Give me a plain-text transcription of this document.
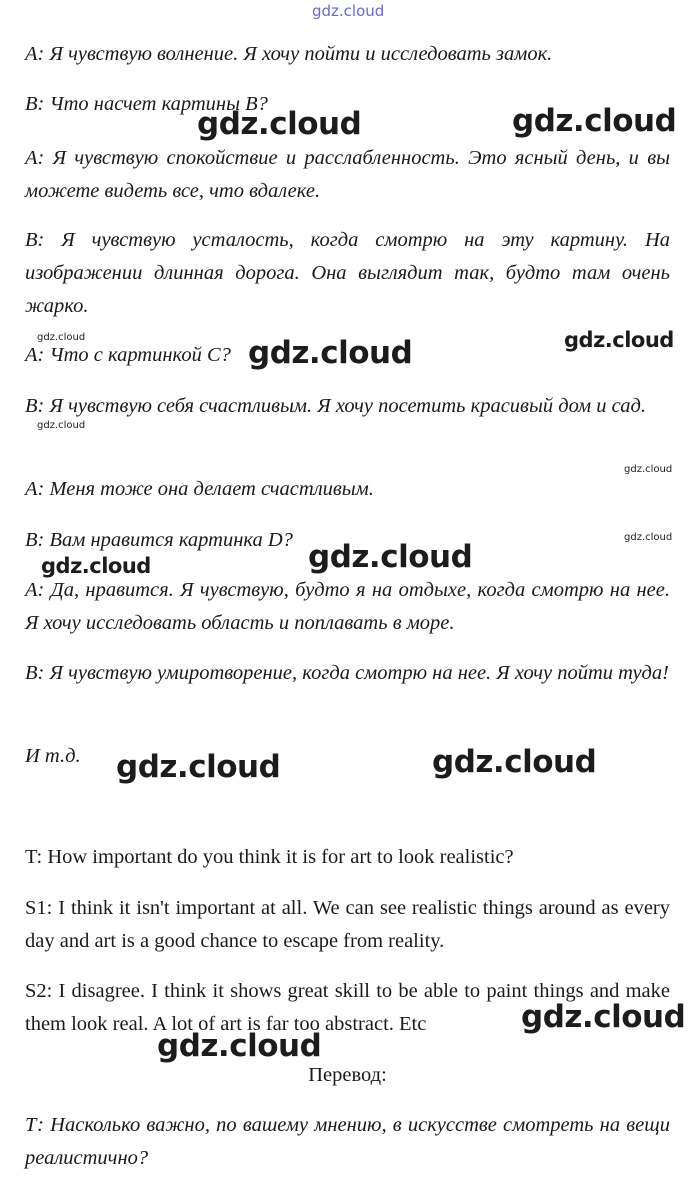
gdz.cloud

A: Я чувствую волнение. Я хочу пойти и исследовать замок.

В: Что насчет картины В?

А: Я чувствую спокойствие и расслабленность. Это ясный день, и вы можете видеть все, что вдалеке.

В: Я чувствую усталость, когда смотрю на эту картину. На изображении длинная дорога. Она выглядит так, будто там очень жарко.

А: Что с картинкой С?

В: Я чувствую себя счастливым. Я хочу посетить красивый дом и сад.

А: Меня тоже она делает счастливым.

В: Вам нравится картинка D?

А: Да, нравится. Я чувствую, будто я на отдыхе, когда смотрю на нее. Я хочу исследовать область и поплавать в море.

В: Я чувствую умиротворение, когда смотрю на нее. Я хочу пойти туда!

И т.д.

T: How important do you think it is for art to look realistic?

S1: I think it isn't important at all. We can see realistic things around as every day and art is a good chance to escape from reality.

S2: I disagree. I think it shows great skill to be able to paint things and make them look real. A lot of art is far too abstract. Etc

Перевод:

Т: Насколько важно, по вашему мнению, в искусстве смотреть на вещи реалистично?

gdz.cloud	gdz.cloud
gdz.cloud	gdz.cloud	gdz.cloud
gdz.cloud
gdz.cloud
gdz.cloud
gdz.cloud	gdz.cloud
gdz.cloud	gdz.cloud
gdz.cloud
gdz.cloud
